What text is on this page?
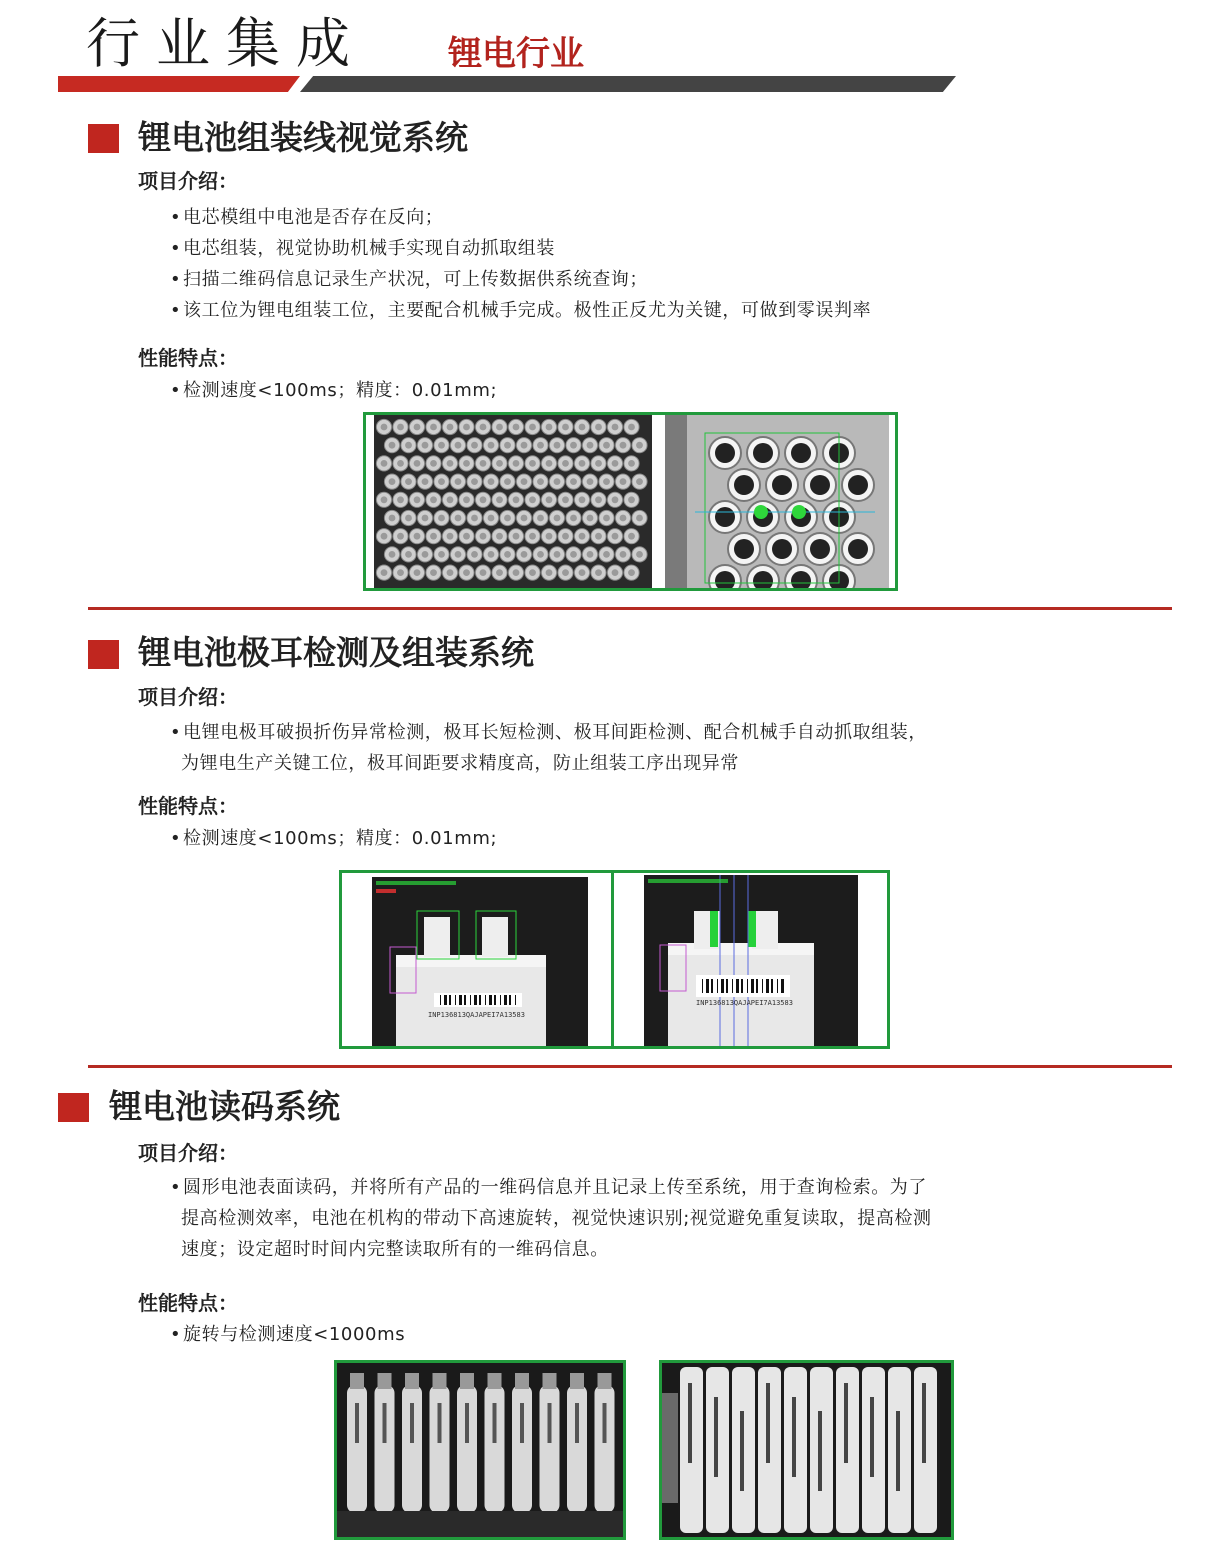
行业集成 锂电行业
锂电池组装线视觉系统
项目介绍：
• 电芯模组中电池是否存在反向；
• 电芯组装，视觉协助机械手实现自动抓取组装
• 扫描二维码信息记录生产状况，可上传数据供系统查询；
• 该工位为锂电组装工位，主要配合机械手完成。极性正反尤为关键，可做到零误判率
性能特点：
• 检测速度<100ms；精度：0.01mm;
锂电池极耳检测及组装系统
项目介绍：
• 电锂电极耳破损折伤异常检测，极耳长短检测、极耳间距检测、配合机械手自动抓取组装，
为锂电生产关键工位，极耳间距要求精度高，防止组装工序出现异常
性能特点：
• 检测速度<100ms；精度：0.01mm;
INP136813QAJAPEI7A13583
INP136813QAJAPEI7A13583
锂电池读码系统
项目介绍：
• 圆形电池表面读码，并将所有产品的一维码信息并且记录上传至系统，用于查询检索。为了
提高检测效率，电池在机构的带动下高速旋转，视觉快速识别;视觉避免重复读取，提高检测
速度；设定超时时间内完整读取所有的一维码信息。
性能特点：
• 旋转与检测速度<1000ms
